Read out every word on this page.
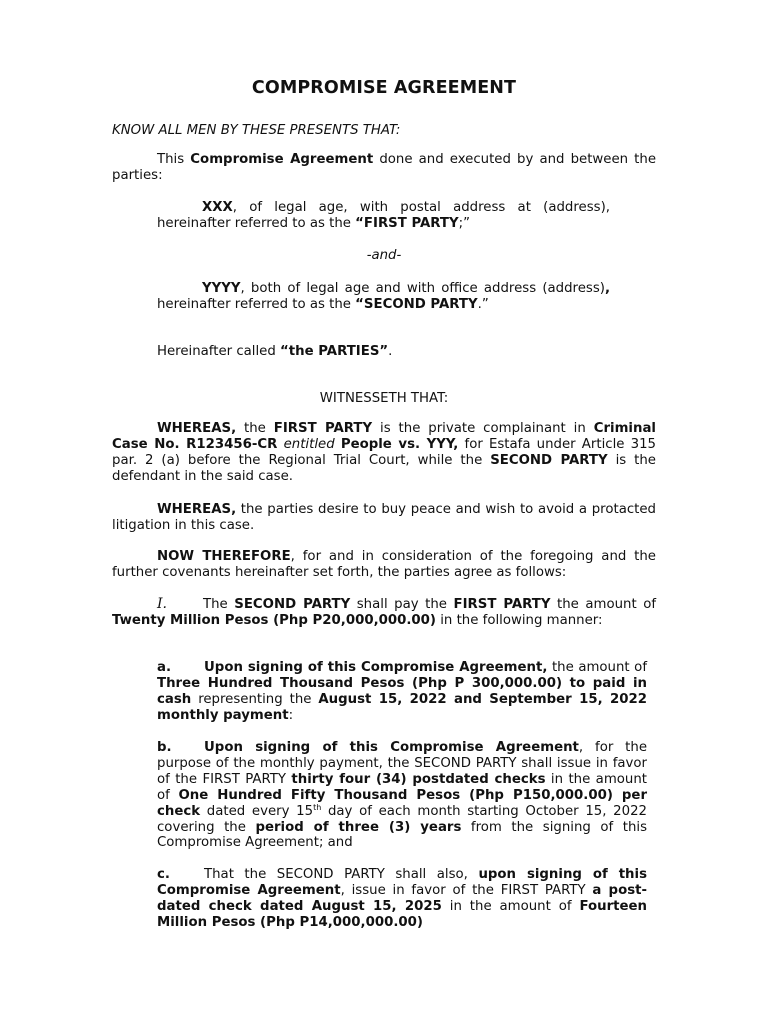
COMPROMISE AGREEMENT

KNOW ALL MEN BY THESE PRESENTS THAT:

This Compromise Agreement done and executed by and between the parties:

XXX, of legal age, with postal address at (address), hereinafter referred to as the “FIRST PARTY;”

-and-

YYYY, both of legal age and with office address (address), hereinafter referred to as the “SECOND PARTY.”

Hereinafter called “the PARTIES”.

WITNESSETH THAT:

WHEREAS, the FIRST PARTY is the private complainant in Criminal Case No. R123456-CR entitled People vs. YYY, for Estafa under Article 315 par. 2 (a) before the Regional Trial Court, while the SECOND PARTY is the defendant in the said case.

WHEREAS, the parties desire to buy peace and wish to avoid a protacted litigation in this case.

NOW THEREFORE, for and in consideration of the foregoing and the further covenants hereinafter set forth, the parties agree as follows:

I.	The SECOND PARTY shall pay the FIRST PARTY the amount of Twenty Million Pesos (Php P20,000,000.00) in the following manner:

a. Upon signing of this Compromise Agreement, the amount of Three Hundred Thousand Pesos (Php P 300,000.00) to paid in cash representing the August 15, 2022 and September 15, 2022 monthly payment:

b. Upon signing of this Compromise Agreement, for the purpose of the monthly payment, the SECOND PARTY shall issue in favor of the FIRST PARTY thirty four (34) postdated checks in the amount of One Hundred Fifty Thousand Pesos (Php P150,000.00) per check dated every 15th day of each month starting October 15, 2022 covering the period of three (3) years from the signing of this Compromise Agreement; and

c.	That the SECOND PARTY shall also, upon signing of this Compromise Agreement, issue in favor of the FIRST PARTY a post-dated check dated August 15, 2025 in the amount of Fourteen Million Pesos (Php P14,000,000.00)
